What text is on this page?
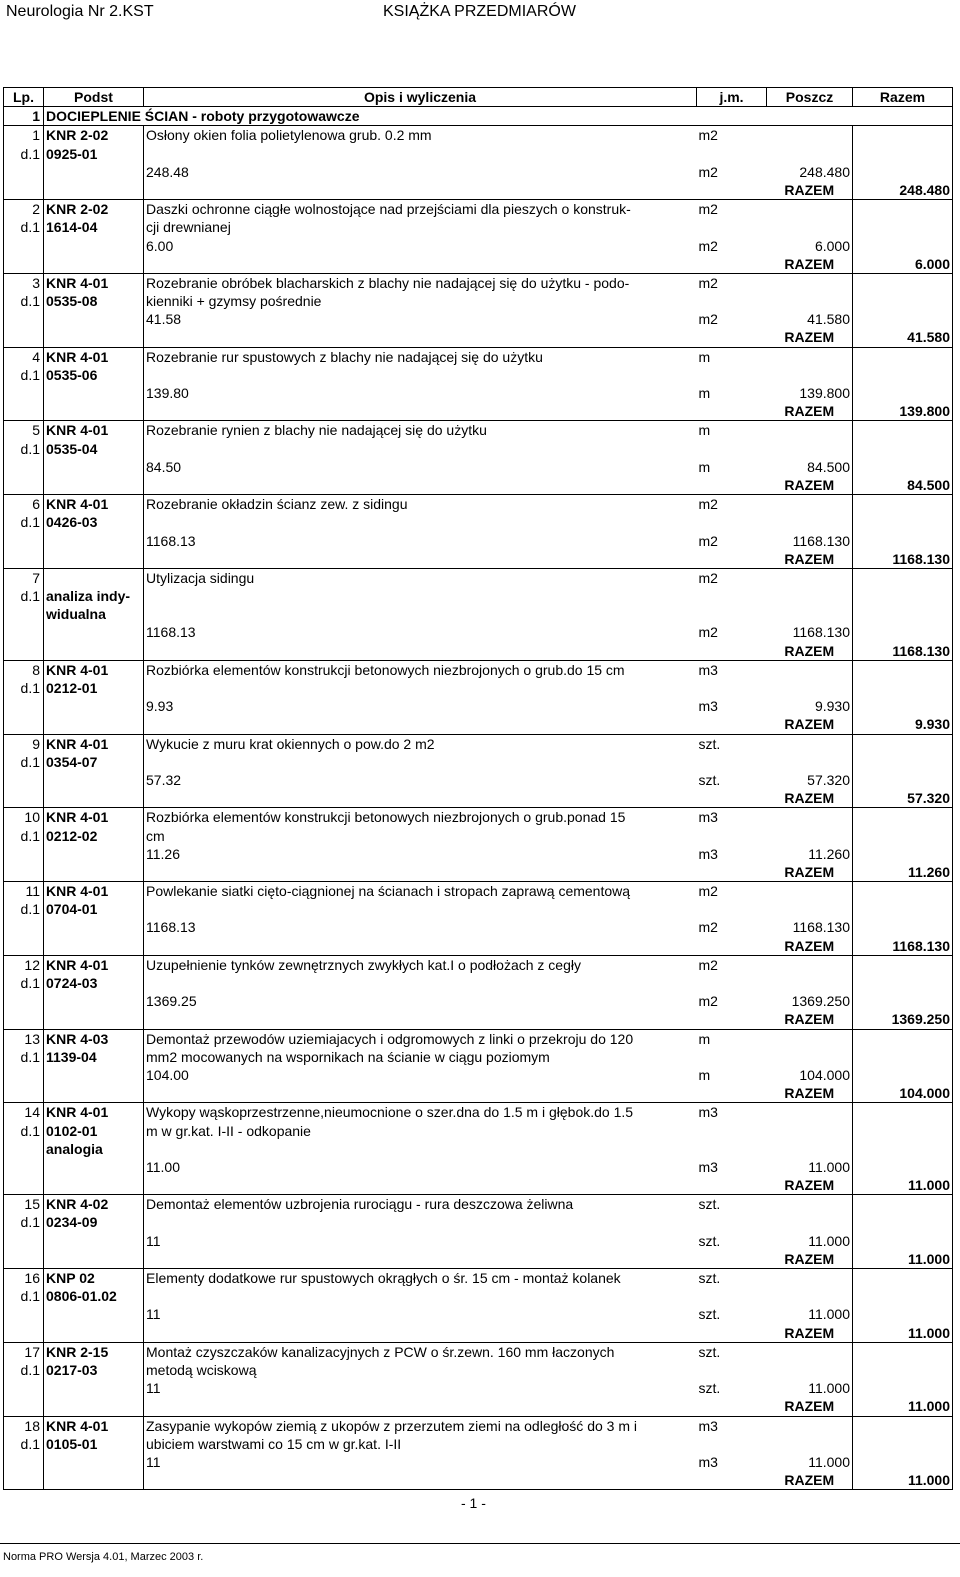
Neurologia Nr 2.KST	KSIĄŻKA PRZEDMIARÓW
Lp.	Podst	Opis i wyliczenia	j.m.	Poszcz	Razem
1	DOCIEPLENIE ŚCIAN - roboty przygotowawcze				
1	KNR 2-02	Osłony okien folia polietylenowa grub. 0.2 mm	m2		
d.1	0925-01				
		248.48	m2	248.480	
				RAZEM	248.480
2	KNR 2-02	Daszki ochronne ciągłe wolnostojące nad przejściami dla pieszych o konstruk-	m2		
d.1	1614-04	cji drewnianej			
		6.00	m2	6.000	
				RAZEM	6.000
3	KNR 4-01	Rozebranie obróbek blacharskich z blachy nie nadającej się do użytku - podo-	m2		
d.1	0535-08	kienniki + gzymsy pośrednie			
		41.58	m2	41.580	
				RAZEM	41.580
4	KNR 4-01	Rozebranie rur spustowych z blachy nie nadającej się do użytku	m		
d.1	0535-06				
		139.80	m	139.800	
				RAZEM	139.800
5	KNR 4-01	Rozebranie rynien z blachy nie nadającej się do użytku	m		
d.1	0535-04				
		84.50	m	84.500	
				RAZEM	84.500
6	KNR 4-01	Rozebranie okładzin ścianz zew. z sidingu	m2		
d.1	0426-03				
		1168.13	m2	1168.130	
				RAZEM	1168.130
7		Utylizacja sidingu	m2		
d.1	analiza indy-				
	widualna				
		1168.13	m2	1168.130	
				RAZEM	1168.130
8	KNR 4-01	Rozbiórka elementów konstrukcji betonowych niezbrojonych o grub.do 15 cm	m3		
d.1	0212-01				
		9.93	m3	9.930	
				RAZEM	9.930
9	KNR 4-01	Wykucie z muru krat okiennych o pow.do 2 m2	szt.		
d.1	0354-07				
		57.32	szt.	57.320	
				RAZEM	57.320
10	KNR 4-01	Rozbiórka elementów konstrukcji betonowych niezbrojonych o grub.ponad 15	m3		
d.1	0212-02	cm			
		11.26	m3	11.260	
				RAZEM	11.260
11	KNR 4-01	Powlekanie siatki cięto-ciągnionej na ścianach i stropach zaprawą cementową	m2		
d.1	0704-01				
		1168.13	m2	1168.130	
				RAZEM	1168.130
12	KNR 4-01	Uzupełnienie tynków zewnętrznych zwykłych kat.I o podłożach z cegły	m2		
d.1	0724-03				
		1369.25	m2	1369.250	
				RAZEM	1369.250
13	KNR 4-03	Demontaż przewodów uziemiajacych i odgromowych z linki o przekroju do 120	m		
d.1	1139-04	mm2 mocowanych na wspornikach na ścianie w ciągu poziomym			
		104.00	m	104.000	
				RAZEM	104.000
14	KNR 4-01	Wykopy wąskoprzestrzenne,nieumocnione o szer.dna do 1.5 m i głębok.do 1.5	m3		
d.1	0102-01	m w gr.kat. I-II - odkopanie			
	analogia				
		11.00	m3	11.000	
				RAZEM	11.000
15	KNR 4-02	Demontaż elementów uzbrojenia rurociągu - rura deszczowa żeliwna	szt.		
d.1	0234-09				
		11	szt.	11.000	
				RAZEM	11.000
16	KNP 02	Elementy dodatkowe rur spustowych okrągłych o śr. 15 cm - montaż kolanek	szt.		
d.1	0806-01.02				
		11	szt.	11.000	
				RAZEM	11.000
17	KNR 2-15	Montaż czyszczaków kanalizacyjnych z PCW o śr.zewn. 160 mm łaczonych	szt.		
d.1	0217-03	metodą wciskową			
		11	szt.	11.000	
				RAZEM	11.000
18	KNR 4-01	Zasypanie wykopów ziemią z ukopów z przerzutem ziemi na odległość do 3 m i	m3		
d.1	0105-01	ubiciem warstwami co 15 cm w gr.kat. I-II			
		11	m3	11.000	
				RAZEM	11.000
- 1 -
Norma PRO Wersja 4.01, Marzec 2003 r.
